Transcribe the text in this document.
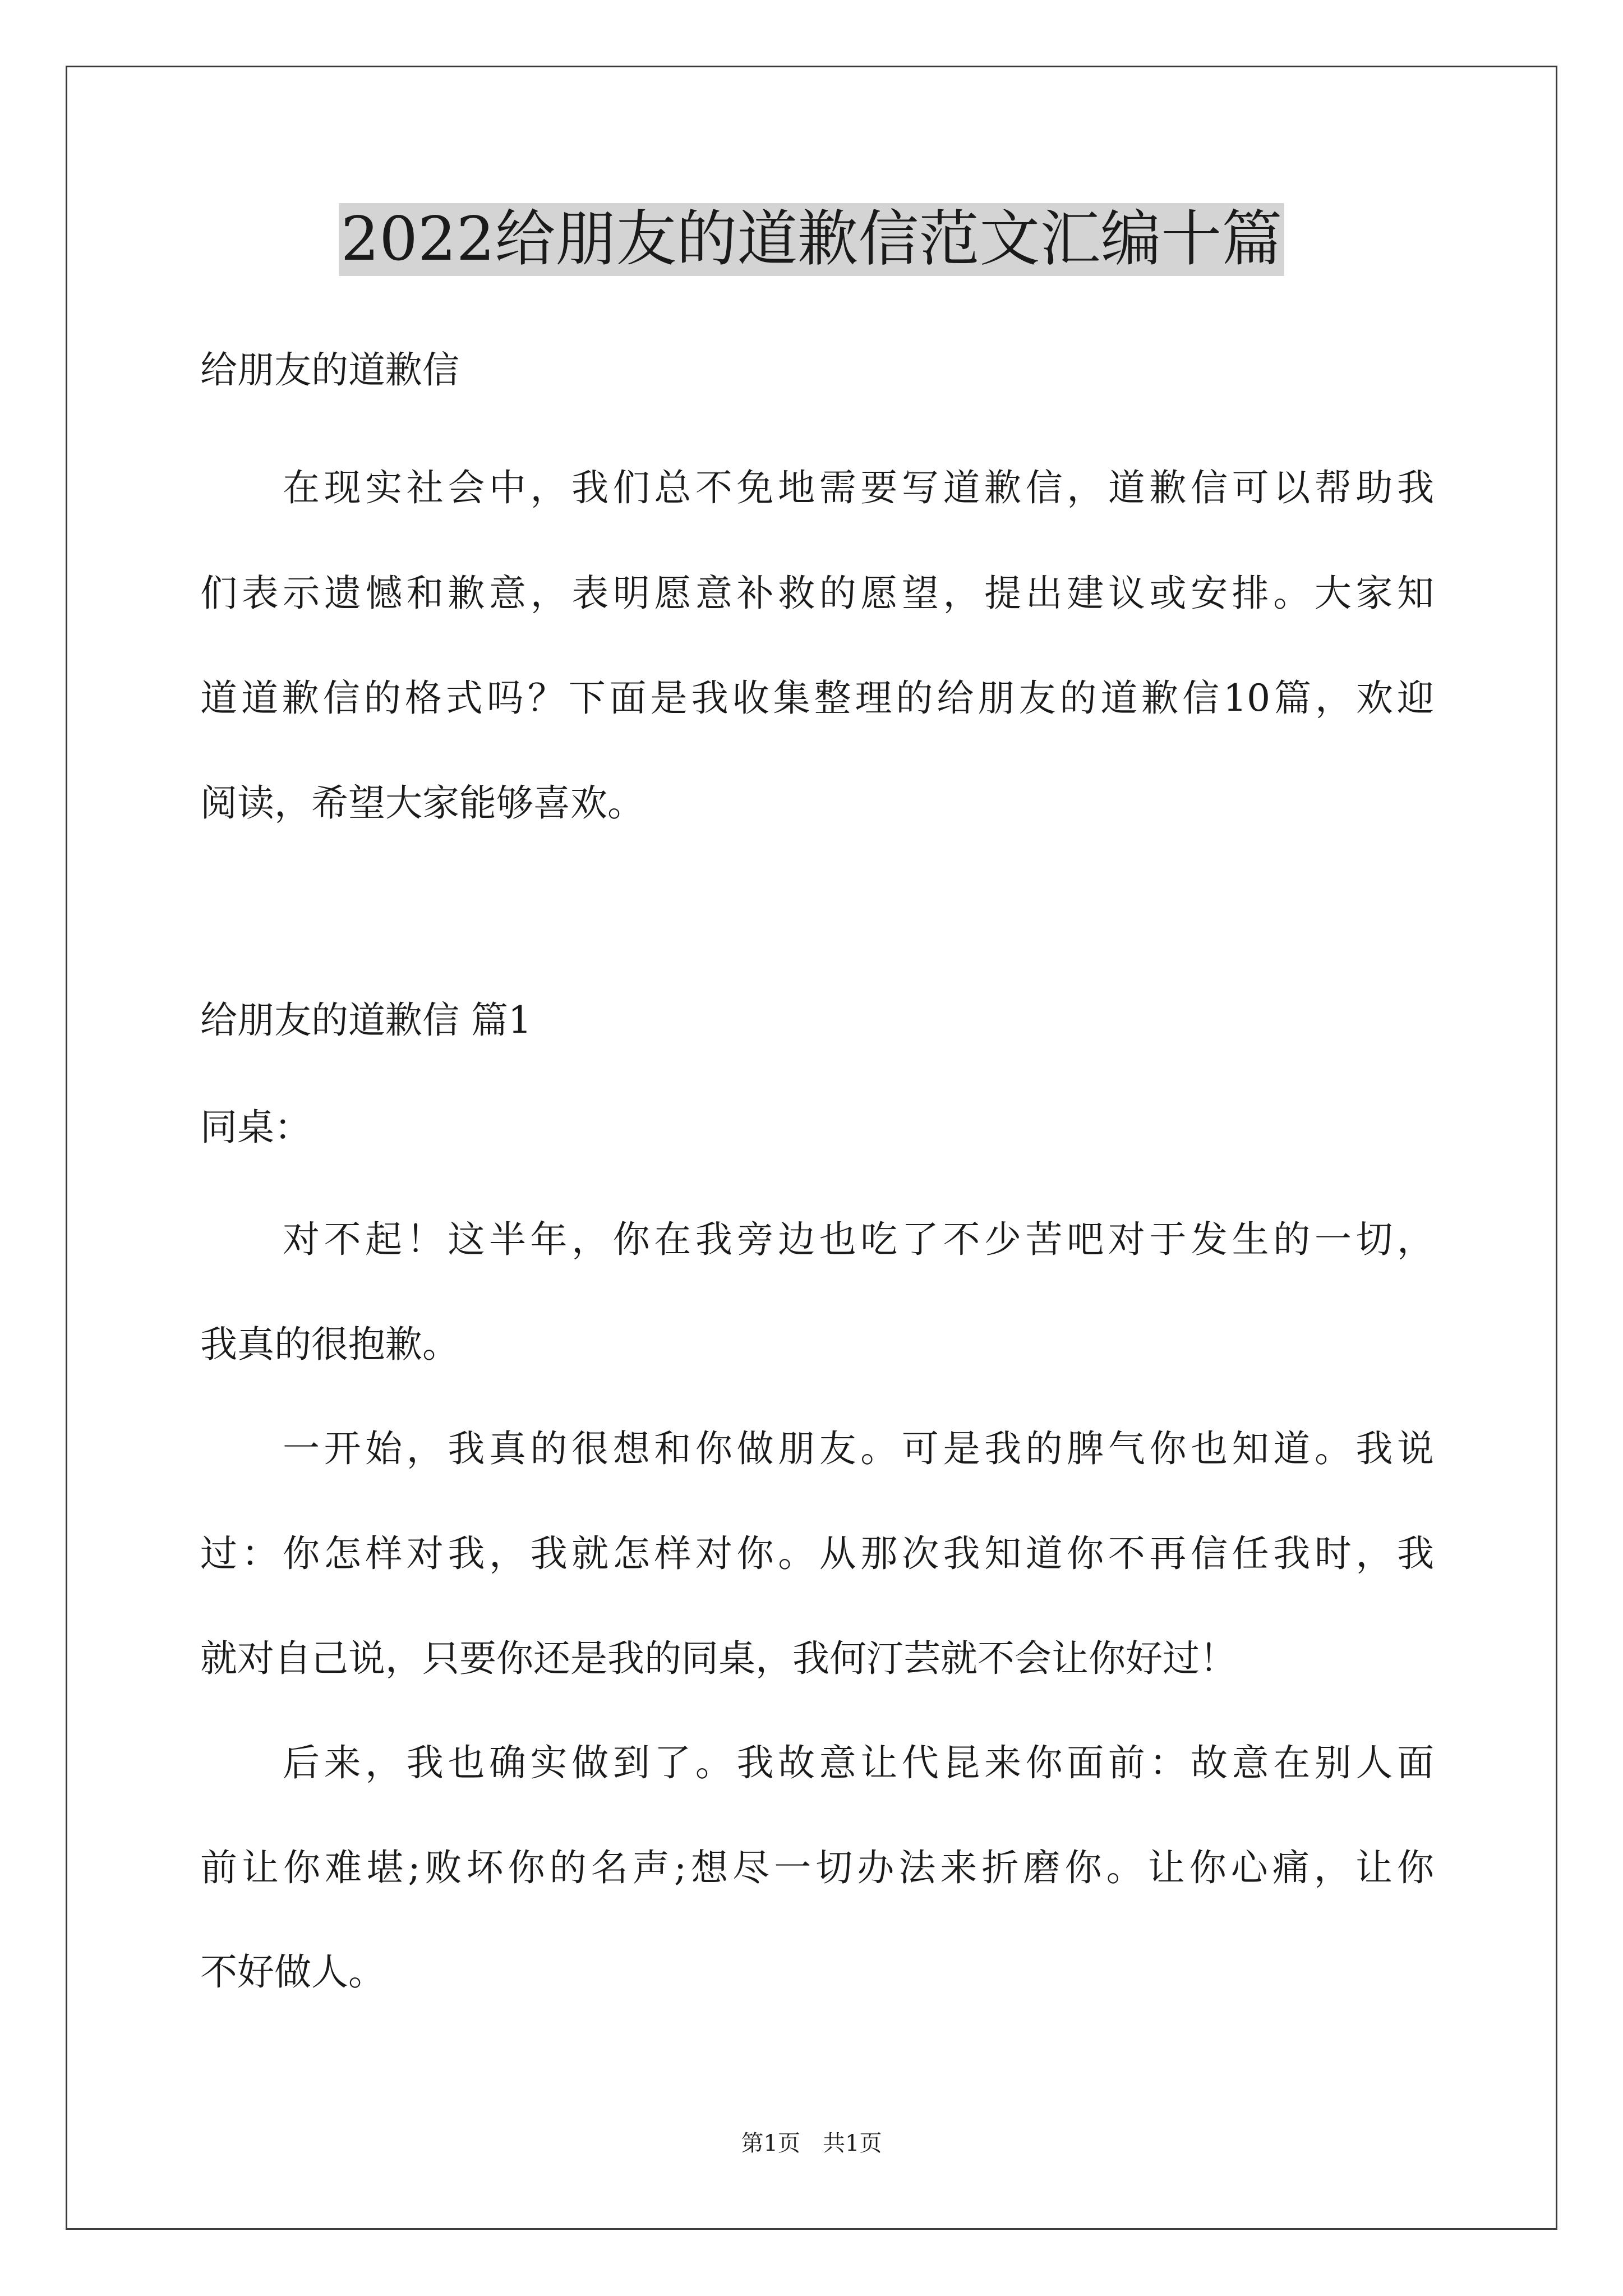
2022给朋友的道歉信范文汇编十篇
给朋友的道歉信
在现实社会中，我们总不免地需要写道歉信，道歉信可以帮助我
们表示遗憾和歉意，表明愿意补救的愿望，提出建议或安排。大家知
道道歉信的格式吗？下面是我收集整理的给朋友的道歉信10篇，欢迎
阅读，希望大家能够喜欢。
给朋友的道歉信 篇1
同桌：
对不起！这半年，你在我旁边也吃了不少苦吧对于发生的一切，
我真的很抱歉。
一开始，我真的很想和你做朋友。可是我的脾气你也知道。我说
过：你怎样对我，我就怎样对你。从那次我知道你不再信任我时，我
就对自己说，只要你还是我的同桌，我何汀芸就不会让你好过！
后来，我也确实做到了。我故意让代昆来你面前：故意在别人面
前让你难堪;败坏你的名声;想尽一切办法来折磨你。让你心痛，让你
不好做人。
第1页　共1页
